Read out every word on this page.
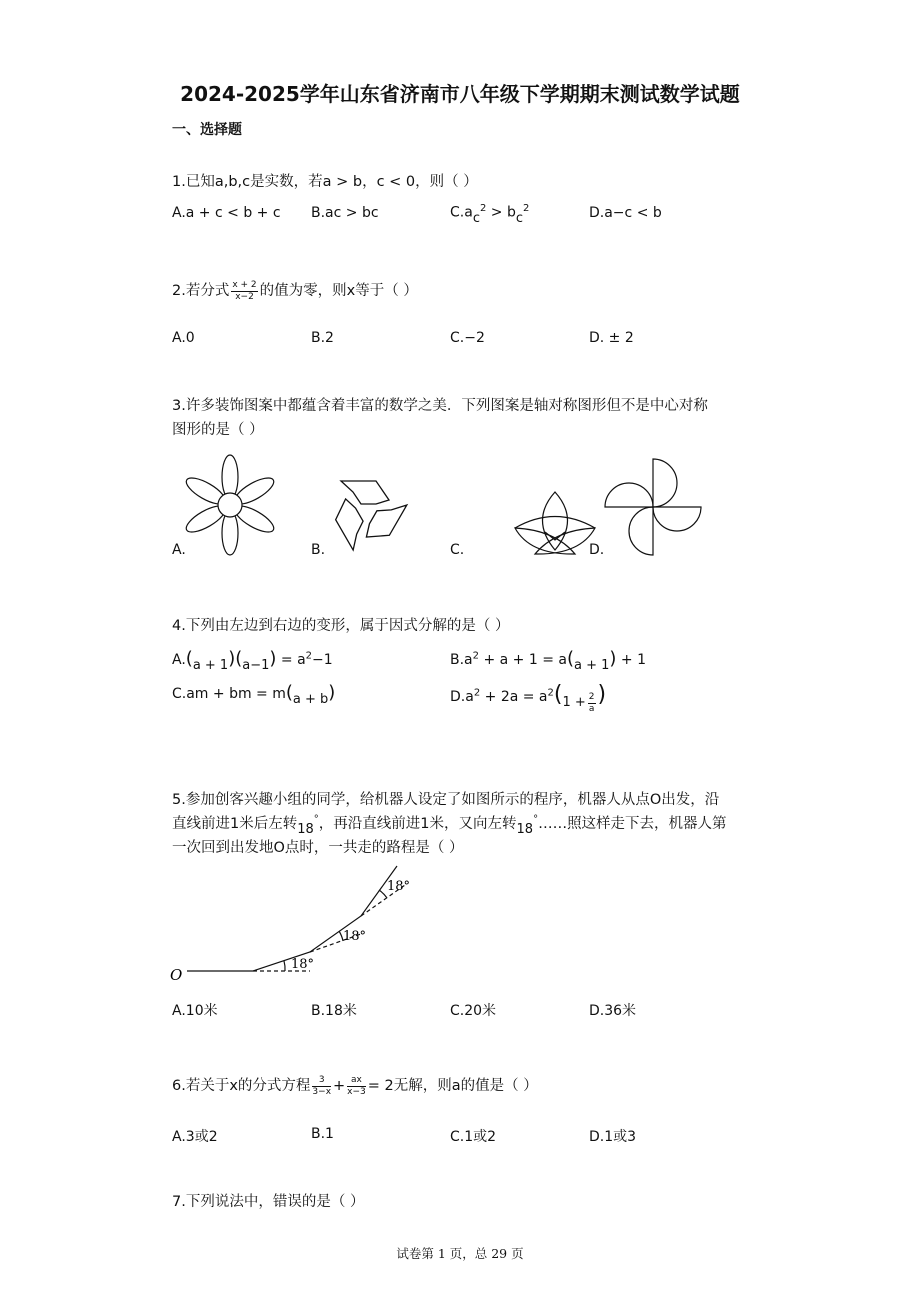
2024-2025学年山东省济南市八年级下学期期末测试数学试题
一、选择题
1.已知a,b,c是实数，若a > b，c < 0，则（ ）
A.a + c < b + c B.ac > bc	$C.ac^2 > bc^2$	D.a−c < b
2.若分式 $\frac{x + 2}{x-2}$ 的值为零，则x等于（ ）
A.0	B.2	C.−2	D. ± 2
3.许多装饰图案中都蕴含着丰富的数学之美．下列图案是轴对称图形但不是中心对称
图形的是（ ）
A.	B.	C.	D.
4.下列由左边到右边的变形，属于因式分解的是（ ）
$A.(a + 1)(a-1) = a^2-1$	$B.a^2 + a + 1 = a(a + 1) + 1$
C.am + bm = m(a + b)	$D.a^2 + 2a = a^2(1 + \frac{2}{a}$ )
5.参加创客兴趣小组的同学，给机器人设定了如图所示的程序，机器人从点O出发，沿
直线前进1米后左转18°，再沿直线前进1米，又向左转18°……照这样走下去，机器人第
一次回到出发地O点时，一共走的路程是（ ）
O
18°
18°
18°
A.10米	B.18米	C.20米	D.36米
6.若关于x的分式方程 $\frac{3}{3-x} + \frac{ax}{x-3} = 2$无解，则a的值是（ ）
A.3或2	B.1	C.1或2	D.1或3
7.下列说法中，错误的是（ ）
试卷第 1 页，总 29 页
